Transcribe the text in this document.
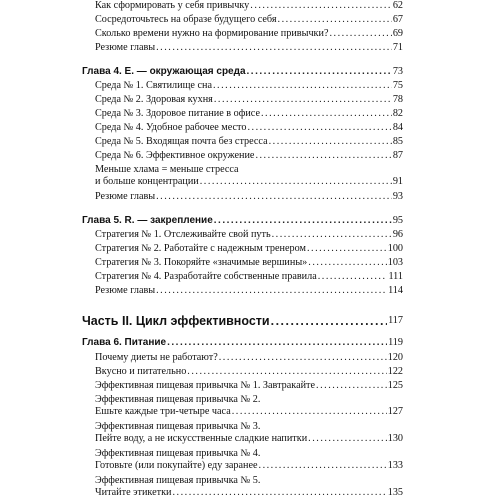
Как сформировать у себя привычку .....	62
Сосредоточьтесь на образе будущего себя .....	67
Сколько времени нужно на формирование привычки? .....	69
Резюме главы .....	71
Глава 4. E. — окружающая среда .....	73
Среда № 1. Святилище сна .....	75
Среда № 2. Здоровая кухня .....	78
Среда № 3. Здоровое питание в офисе .....	82
Среда № 4. Удобное рабочее место .....	84
Среда № 5. Входящая почта без стресса .....	85
Среда № 6. Эффективное окружение .....	87
Меньше хлама = меньше стресса
и больше концентрации .....	91
Резюме главы .....	93
Глава 5. R. — закрепление .....	95
Стратегия № 1. Отслеживайте свой путь .....	96
Стратегия № 2. Работайте с надежным тренером .....	100
Стратегия № 3. Покоряйте «значимые вершины» .....	103
Стратегия № 4. Разработайте собственные правила .....	111
Резюме главы .....	114
Часть II. Цикл эффективности .....	117
Глава 6. Питание .....	119
Почему диеты не работают? .....	120
Вкусно и питательно .....	122
Эффективная пищевая привычка № 1. Завтракайте .....	125
Эффективная пищевая привычка № 2.
Ешьте каждые три-четыре часа .....	127
Эффективная пищевая привычка № 3.
Пейте воду, а не искусственные сладкие напитки .....	130
Эффективная пищевая привычка № 4.
Готовьте (или покупайте) еду заранее .....	133
Эффективная пищевая привычка № 5.
Читайте этикетки .....	135
